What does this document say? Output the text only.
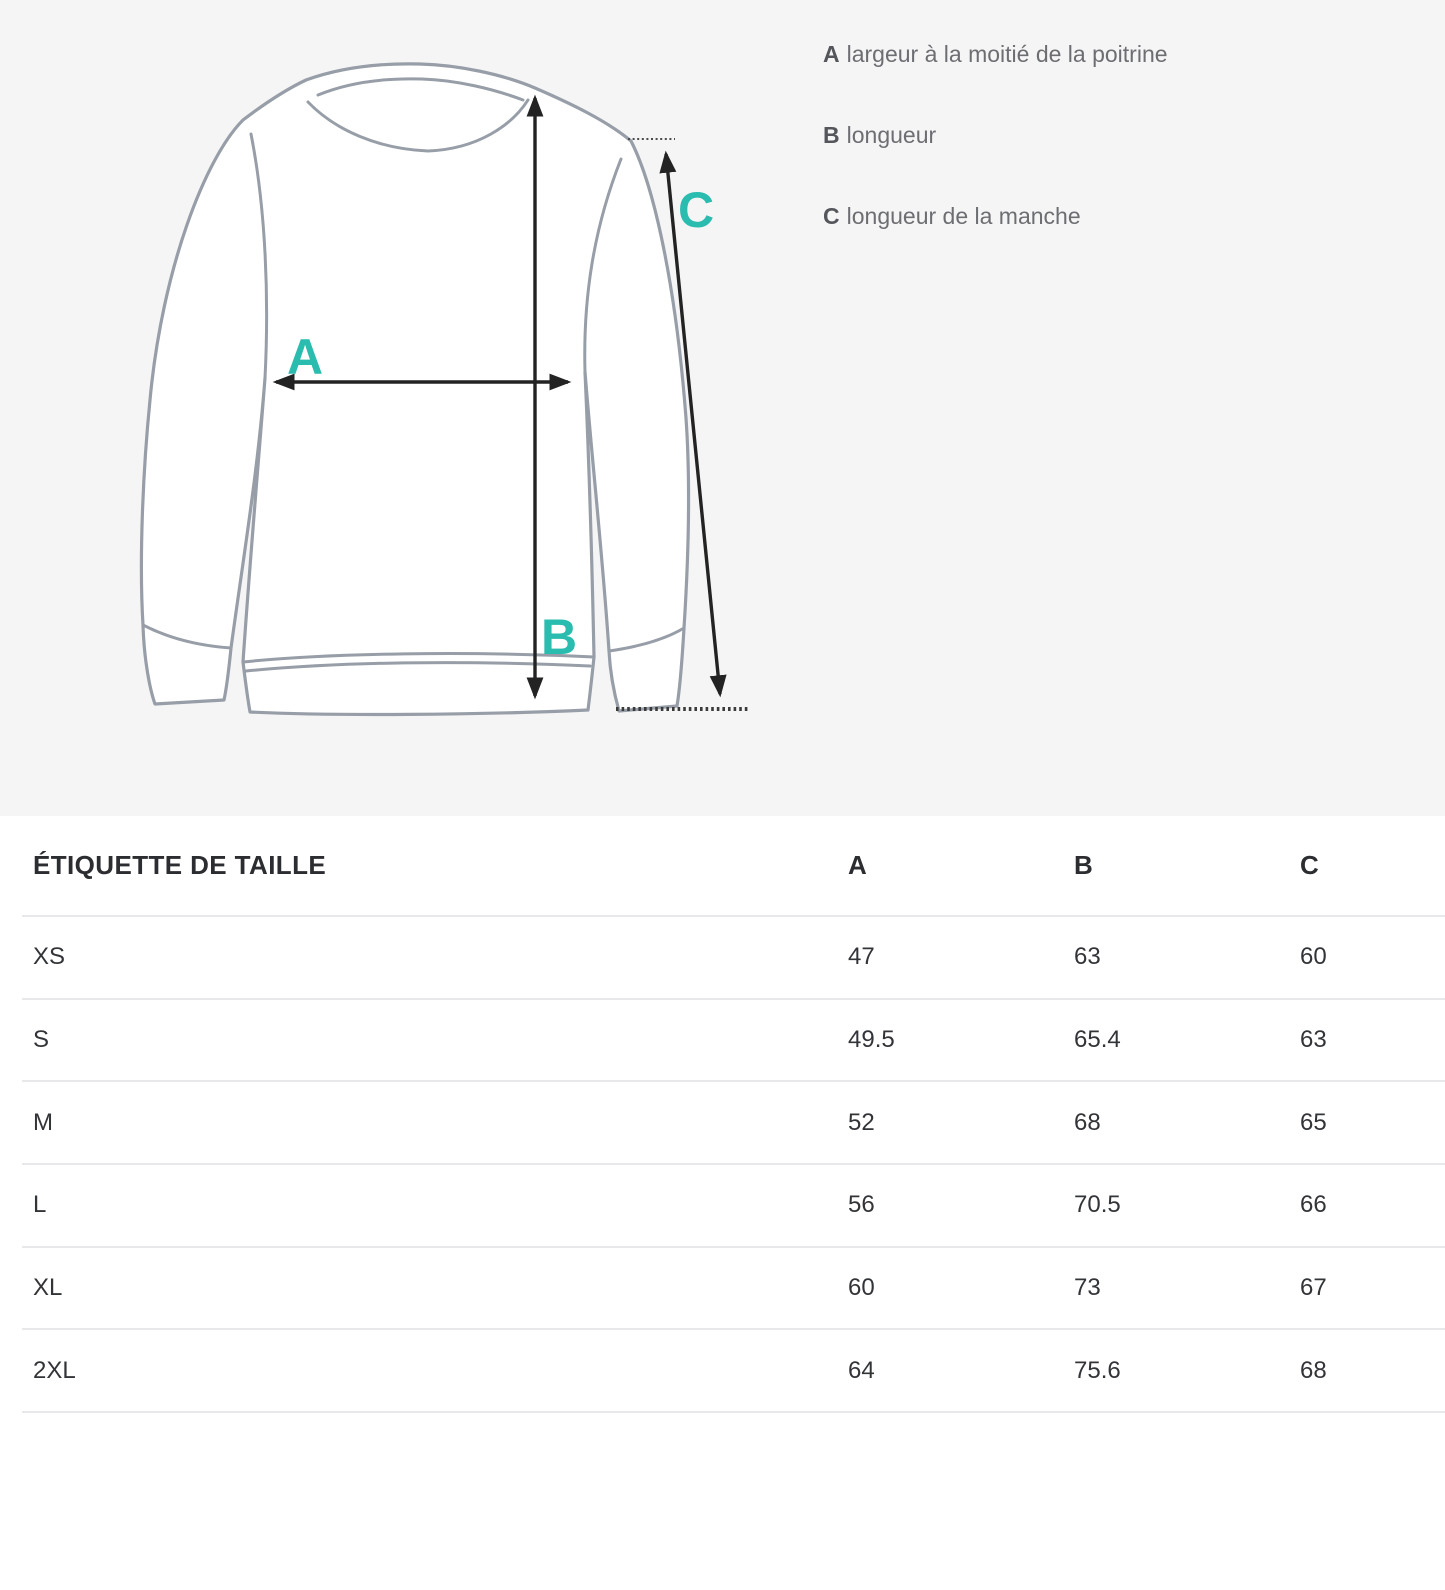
A
B
C
A largeur à la moitié de la poitrine
B longueur
C longueur de la manche
ÉTIQUETTE DE TAILLE	A	B	C
XS	47	63	60
S	49.5	65.4	63
M	52	68	65
L	56	70.5	66
XL	60	73	67
2XL	64	75.6	68
